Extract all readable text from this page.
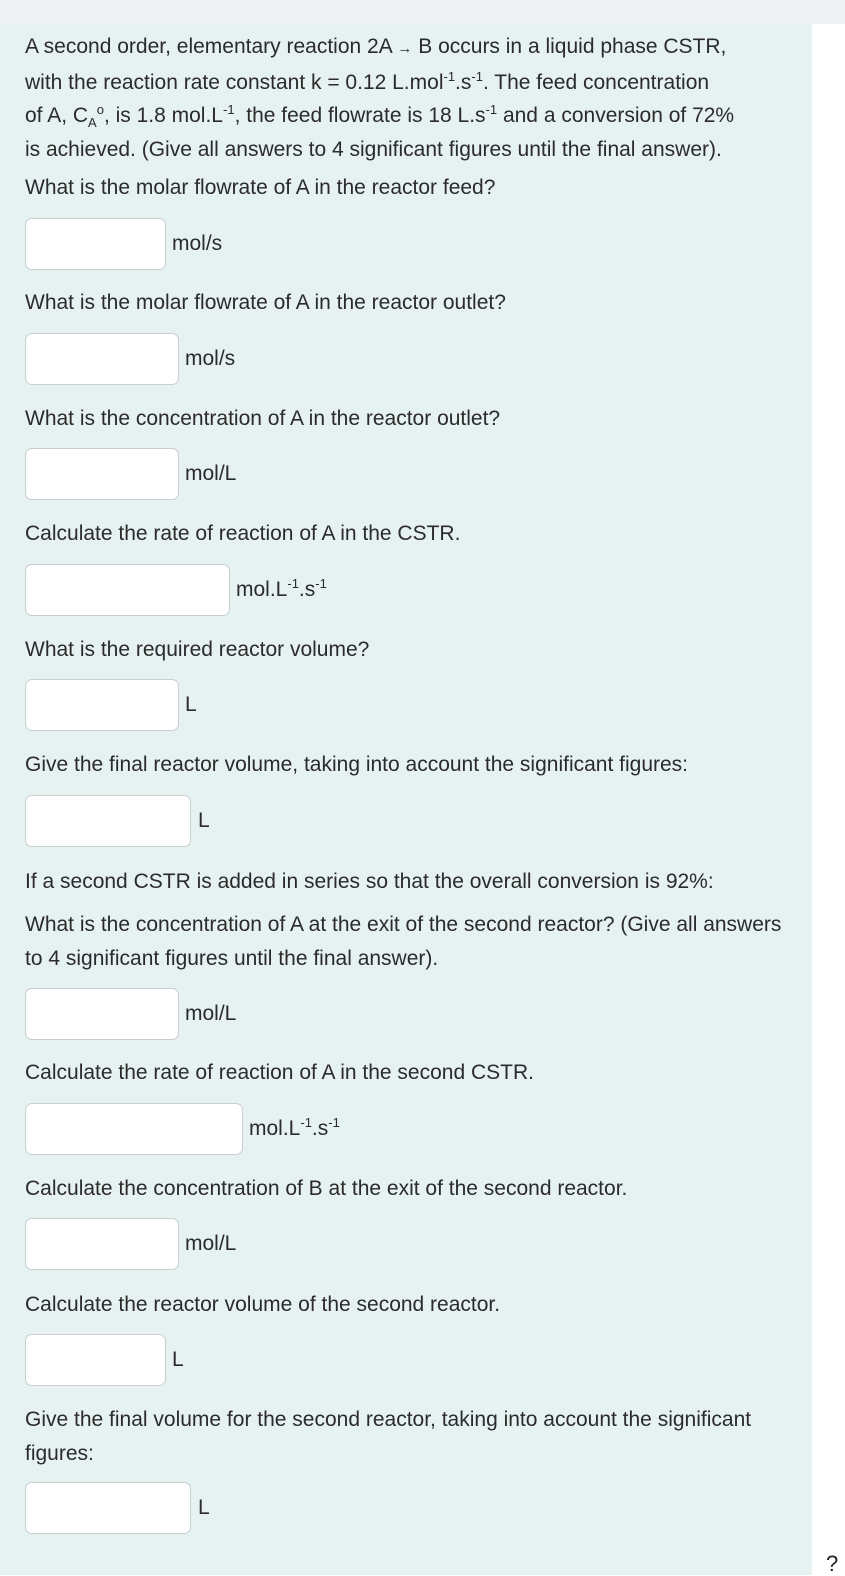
A second order, elementary reaction 2A → B occurs in a liquid phase CSTR,
with the reaction rate constant k = 0.12 $L.mol^{-1}.s^{-1}$. The feed concentration
of A, $C_A^o$, is 1.8 $mol.L^{-1}$, the feed flowrate is 18 $L.s^{-1}$ and a conversion of 72%
is achieved. (Give all answers to 4 significant figures until the final answer).

What is the molar flowrate of A in the reactor feed?

mol/s

What is the molar flowrate of A in the reactor outlet?

mol/s

What is the concentration of A in the reactor outlet?

mol/L

Calculate the rate of reaction of A in the CSTR.

$mol.L^{-1}.s^{-1}$

What is the required reactor volume?

L

Give the final reactor volume, taking into account the significant figures:

L

If a second CSTR is added in series so that the overall conversion is 92%:

What is the concentration of A at the exit of the second reactor? (Give all answers to 4 significant figures until the final answer).

mol/L

Calculate the rate of reaction of A in the second CSTR.

$mol.L^{-1}.s^{-1}$

Calculate the concentration of B at the exit of the second reactor.

mol/L

Calculate the reactor volume of the second reactor.

L

Give the final volume for the second reactor, taking into account the significant figures:

L
?
